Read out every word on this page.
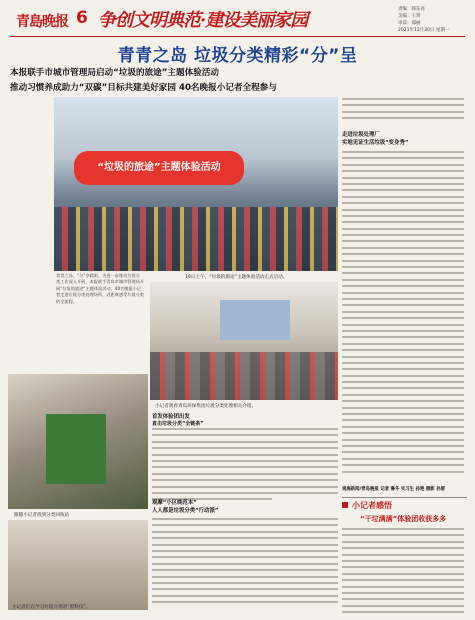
青島晚报 6 争创文明典范·建设美丽家园
责编：韩东亮
美编：王玥
审读：邵丽
2021年12月30日 星期一
青青之岛 垃圾分类精彩“分”呈
本报联手市城市管理局启动“垃圾的旅途”主题体验活动
推动习惯养成助力“双碳”目标共建美好家园 40名晚报小记者全程参与
“垃圾的旅途”主题体验活动
19日上午，“垃圾的旅途”主题体验活动正式启动。
小记者观看青岛环保集团垃圾分类处理相关介绍。
青青之岛，“分”享精彩。为进一步推动垃圾分类工作深入开展，本报联手青岛市城市管理局开展“垃圾的旅途”主题体验活动，40名晚报小记者走进垃圾分类处理场所，近距离感受垃圾分类的全流程。
跟随小记者找到分类回收站
小记者们在学习垃圾分类的“黑科技”。
首发体验团出发
直击垃圾分类“全链条”
观摩“小区晚范本”
人人都是垃圾分类“行动派”
走进垃圾处理厂
实地见证生活垃圾“变身秀”
观海新闻/青岛晚报 记者 鲁冬 实习生 孙艳 摄影 孙雷
小记者感悟
“干垃满满”体验团收获多多
